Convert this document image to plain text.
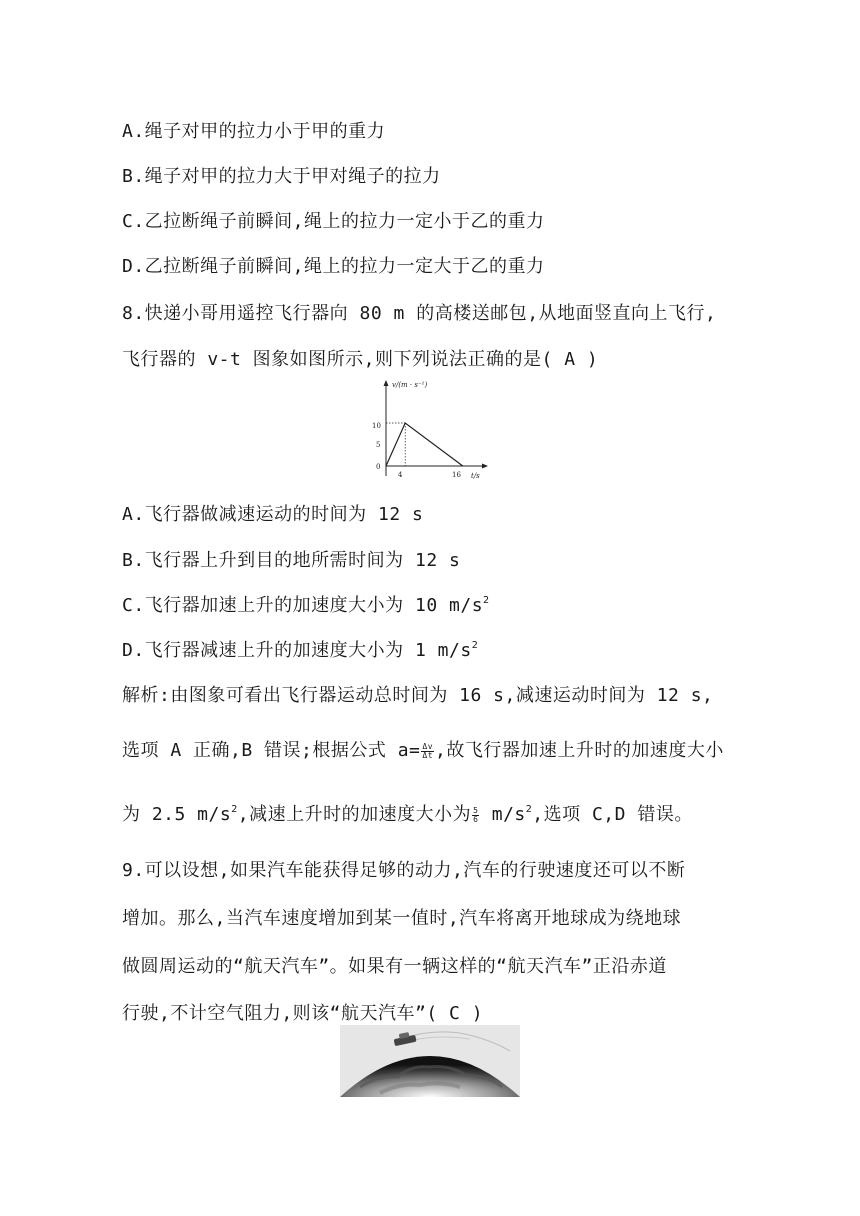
A.绳子对甲的拉力小于甲的重力
B.绳子对甲的拉力大于甲对绳子的拉力
C.乙拉断绳子前瞬间,绳上的拉力一定小于乙的重力
D.乙拉断绳子前瞬间,绳上的拉力一定大于乙的重力
8.快递小哥用遥控飞行器向 80 m 的高楼送邮包,从地面竖直向上飞行,
飞行器的 v-t 图象如图所示,则下列说法正确的是( A )
v/(m · s⁻¹)
t/s
10
5
0
4	16
A.飞行器做减速运动的时间为 12 s
B.飞行器上升到目的地所需时间为 12 s
C.飞行器加速上升的加速度大小为 10 $m/s^2$
D.飞行器减速上升的加速度大小为 1 $m/s^2$
解析:由图象可看出飞行器运动总时间为 16 s,减速运动时间为 12 s,
选项 A 正确,B 错误;根据公式 $a= \frac{\Delta v}{\Delta t}$ ,故飞行器加速上升时的加速度大小
为 2.5 $m/s^2$,减速上升时的加速度大小为 $\frac{5}{6} m/s^2$,选项 C,D 错误。
9.可以设想,如果汽车能获得足够的动力,汽车的行驶速度还可以不断
增加。那么,当汽车速度增加到某一值时,汽车将离开地球成为绕地球
做圆周运动的“航天汽车”。如果有一辆这样的“航天汽车”正沿赤道
行驶,不计空气阻力,则该“航天汽车”( C )
